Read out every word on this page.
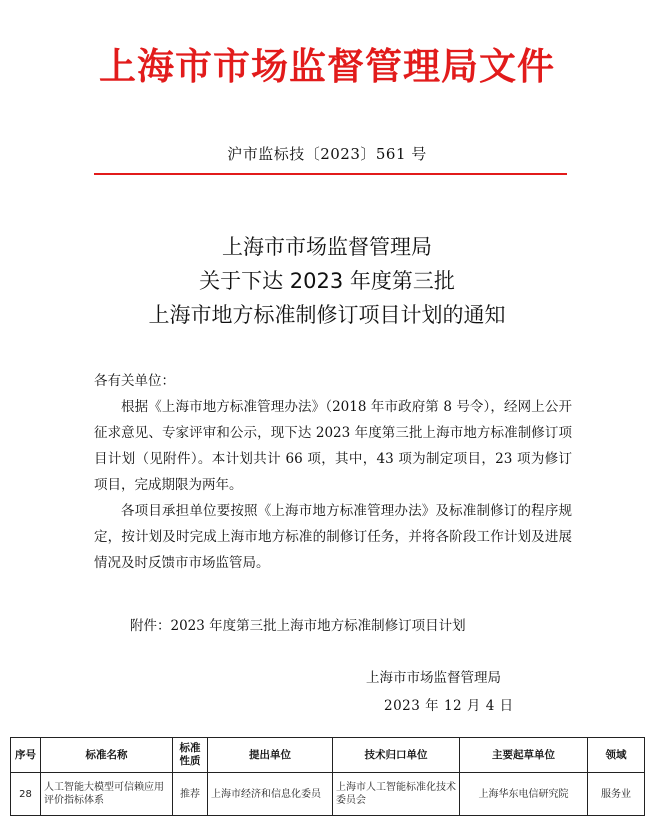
上海市市场监督管理局文件
沪市监标技〔2023〕561 号
上海市市场监督管理局
关于下达 2023 年度第三批
上海市地方标准制修订项目计划的通知

各有关单位：

根据《上海市地方标准管理办法》（2018 年市政府第 8 号令），经网上公开征求意见、专家评审和公示，现下达 2023 年度第三批上海市地方标准制修订项目计划（见附件）。本计划共计 66 项，其中，43 项为制定项目，23 项为修订项目，完成期限为两年。

各项目承担单位要按照《上海市地方标准管理办法》及标准制修订的程序规定，按计划及时完成上海市地方标准的制修订任务，并将各阶段工作计划及进展情况及时反馈市市场监管局。

附件：2023 年度第三批上海市地方标准制修订项目计划
上海市市场监督管理局
2023 年 12 月 4 日
序号	标准名称	标准性质	提出单位	技术归口单位	主要起草单位	领域
28	人工智能大模型可信赖应用评价指标体系	推荐	上海市经济和信息化委员	上海市人工智能标准化技术委员会	上海华东电信研究院	服务业
